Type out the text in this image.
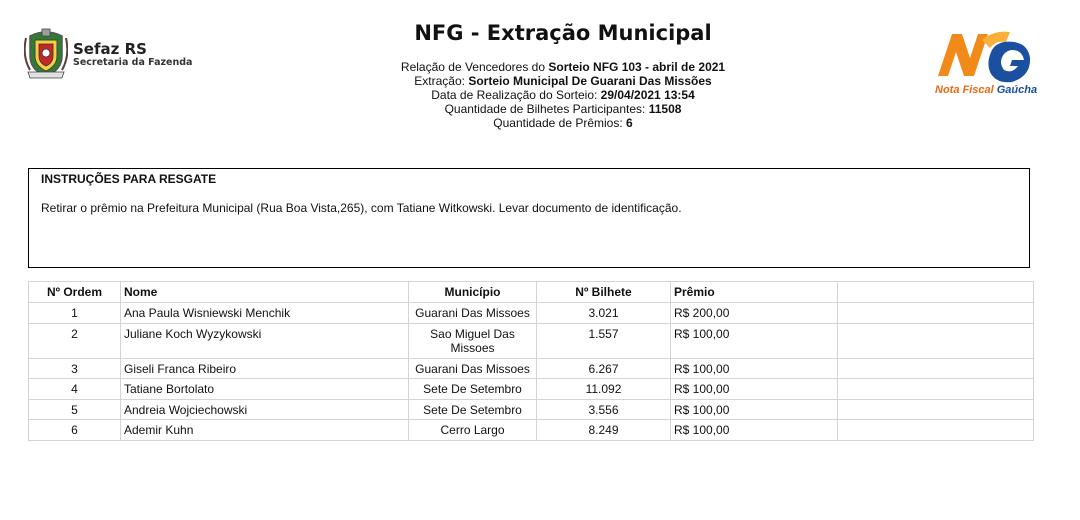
Sefaz RS
Secretaria da Fazenda
NFG - Extração Municipal
Relação de Vencedores do Sorteio NFG 103 - abril de 2021
Extração: Sorteio Municipal De Guarani Das Missões
Data de Realização do Sorteio: 29/04/2021 13:54
Quantidade de Bilhetes Participantes: 11508
Quantidade de Prêmios: 6
Nota Fiscal Gaúcha
INSTRUÇÕES PARA RESGATE
Retirar o prêmio na Prefeitura Municipal (Rua Boa Vista,265), com Tatiane Witkowski. Levar documento de identificação.
Nº Ordem	Nome	Município	Nº Bilhete	Prêmio	
1	Ana Paula Wisniewski Menchik	Guarani Das Missoes	3.021	R$ 200,00	
2	Juliane Koch Wyzykowski	Sao Miguel Das Missoes	1.557	R$ 100,00	
3	Giseli Franca Ribeiro	Guarani Das Missoes	6.267	R$ 100,00	
4	Tatiane Bortolato	Sete De Setembro	11.092	R$ 100,00	
5	Andreia Wojciechowski	Sete De Setembro	3.556	R$ 100,00	
6	Ademir Kuhn	Cerro Largo	8.249	R$ 100,00	
